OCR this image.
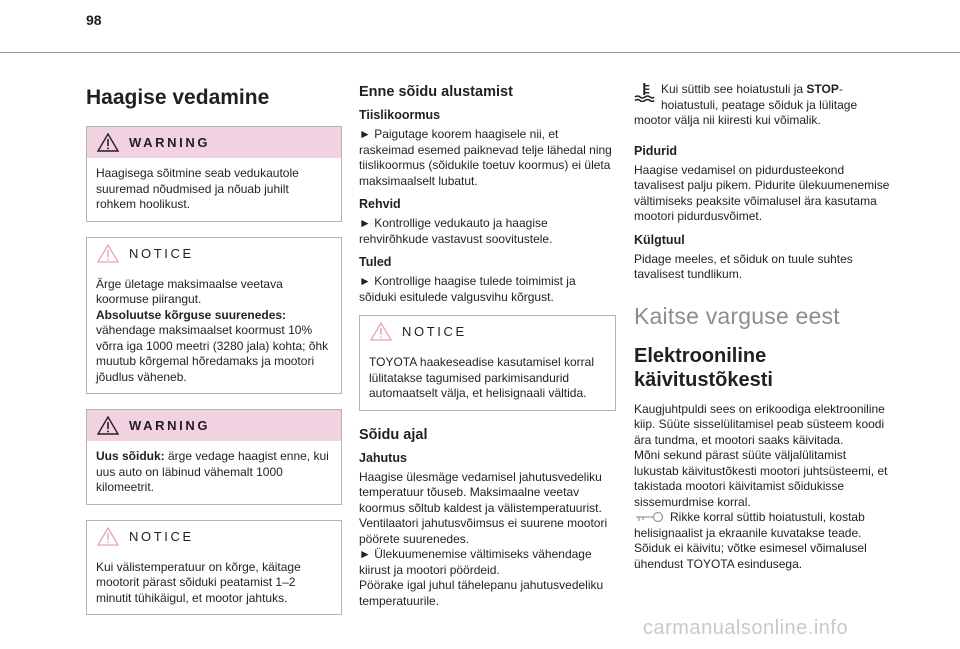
98
Haagise vedamine
WARNING

Haagisega sõitmine seab vedukautole suuremad nõudmised ja nõuab juhilt rohkem hoolikust.

NOTICE

Ärge ületage maksimaalse veetava koormuse piirangut.

Absoluutse kõrguse suurenedes:

vähendage maksimaalset koormust 10% võrra iga 1000 meetri (3280 jala) kohta; õhk muutub kõrgemal hõredamaks ja mootori jõudlus väheneb.

WARNING

Uus sõiduk: ärge vedage haagist enne, kui uus auto on läbinud vähemalt 1000 kilomeetrit.

NOTICE

Kui välistemperatuur on kõrge, käitage mootorit pärast sõiduki peatamist 1–2 minutit tühikäigul, et mootor jahtuks.

Enne sõidu alustamist
Tiislikoormus

► Paigutage koorem haagisele nii, et raskeimad esemed paiknevad telje lähedal ning tiislikoormus (sõidukile toetuv koormus) ei ületa maksimaalselt lubatut.

Rehvid

► Kontrollige vedukauto ja haagise rehvirõhkude vastavust soovitustele.

Tuled

► Kontrollige haagise tulede toimimist ja sõiduki esitulede valgusvihu kõrgust.

NOTICE

TOYOTA haakeseadise kasutamisel korral lülitatakse tagumised parkimisandurid automaatselt välja, et helisignaali vältida.

Sõidu ajal
Jahutus

Haagise ülesmäge vedamisel jahutusvedeliku temperatuur tõuseb. Maksimaalne veetav koormus sõltub kaldest ja välistemperatuurist. Ventilaatori jahutusvõimsus ei suurene mootori pöörete suurenedes.

► Ülekuumenemise vältimiseks vähendage kiirust ja mootori pöördeid.

Pöörake igal juhul tähelepanu jahutusvedeliku temperatuurile.

Kui süttib see hoiatustuli ja STOP-hoiatustuli, peatage sõiduk ja lülitage mootor välja nii kiiresti kui võimalik.

Pidurid

Haagise vedamisel on pidurdusteekond tavalisest palju pikem. Pidurite ülekuumenemise vältimiseks peaksite võimalusel ära kasutama mootori pidurdusvõimet.

Külgtuul

Pidage meeles, et sõiduk on tuule suhtes tavalisest tundlikum.

Kaitse varguse eest
Elektrooniline käivitustõkesti

Kaugjuhtpuldi sees on erikoodiga elektrooniline kiip. Süüte sisselülitamisel peab süsteem koodi ära tundma, et mootori saaks käivitada.

Mõni sekund pärast süüte väljalülitamist lukustab käivitustõkesti mootori juhtsüsteemi, et takistada mootori käivitamist sõidukisse sissemurdmise korral.

Rikke korral süttib hoiatustuli, kostab helisignaalist ja ekraanile kuvatakse teade.

Sõiduk ei käivitu; võtke esimesel võimalusel ühendust TOYOTA esindusega.

carmanualsonline.info
